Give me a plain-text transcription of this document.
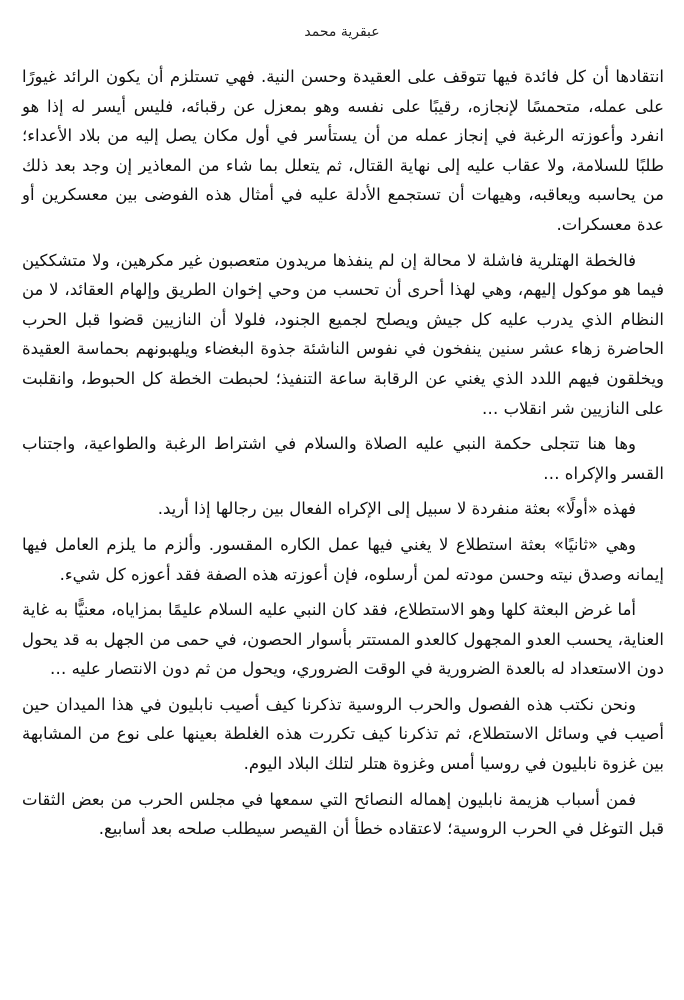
عبقرية محمد

انتقادها أن كل فائدة فيها تتوقف على العقيدة وحسن النية. فهي تستلزم أن يكون الرائد غيورًا على عمله، متحمسًا لإنجازه، رقيبًا على نفسه وهو بمعزل عن رقبائه، فليس أيسر له إذا هو انفرد وأعوزته الرغبة في إنجاز عمله من أن يستأسر في أول مكان يصل إليه من بلاد الأعداء؛ طلبًا للسلامة، ولا عقاب عليه إلى نهاية القتال، ثم يتعلل بما شاء من المعاذير إن وجد بعد ذلك من يحاسبه ويعاقبه، وهيهات أن تستجمع الأدلة عليه في أمثال هذه الفوضى بين معسكرين أو عدة معسكرات.

فالخطة الهتلرية فاشلة لا محالة إن لم ينفذها مريدون متعصبون غير مكرهين، ولا متشككين فيما هو موكول إليهم، وهي لهذا أحرى أن تحسب من وحي إخوان الطريق وإلهام العقائد، لا من النظام الذي يدرب عليه كل جيش ويصلح لجميع الجنود، فلولا أن النازيين قضوا قبل الحرب الحاضرة زهاء عشر سنين ينفخون في نفوس الناشئة جذوة البغضاء ويلهبونهم بحماسة العقيدة ويخلقون فيهم اللدد الذي يغني عن الرقابة ساعة التنفيذ؛ لحبطت الخطة كل الحبوط، وانقلبت على النازيين شر انقلاب …

وها هنا تتجلى حكمة النبي عليه الصلاة والسلام في اشتراط الرغبة والطواعية، واجتناب القسر والإكراه …

فهذه «أولًا» بعثة منفردة لا سبيل إلى الإكراه الفعال بين رجالها إذا أريد.

وهي «ثانيًا» بعثة استطلاع لا يغني فيها عمل الكاره المقسور. وألزم ما يلزم العامل فيها إيمانه وصدق نيته وحسن مودته لمن أرسلوه، فإن أعوزته هذه الصفة فقد أعوزه كل شيء.

أما غرض البعثة كلها وهو الاستطلاع، فقد كان النبي عليه السلام عليمًا بمزاياه، معنيًّا به غاية العناية، يحسب العدو المجهول كالعدو المستتر بأسوار الحصون، في حمى من الجهل به قد يحول دون الاستعداد له بالعدة الضرورية في الوقت الضروري، ويحول من ثم دون الانتصار عليه …

ونحن نكتب هذه الفصول والحرب الروسية تذكرنا كيف أصيب نابليون في هذا الميدان حين أصيب في وسائل الاستطلاع، ثم تذكرنا كيف تكررت هذه الغلطة بعينها على نوع من المشابهة بين غزوة نابليون في روسيا أمس وغزوة هتلر لتلك البلاد اليوم.

فمن أسباب هزيمة نابليون إهماله النصائح التي سمعها في مجلس الحرب من بعض الثقات قبل التوغل في الحرب الروسية؛ لاعتقاده خطأ أن القيصر سيطلب صلحه بعد أسابيع.
